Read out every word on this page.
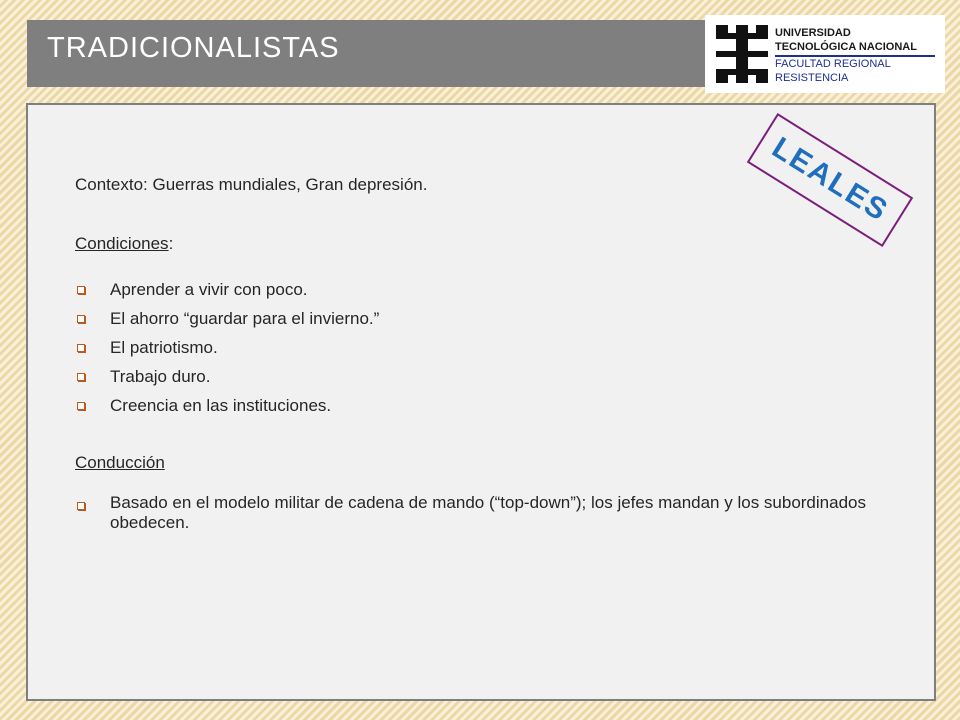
TRADICIONALISTAS	UNIVERSIDAD
TECNOLÓGICA NACIONAL
FACULTAD REGIONAL
RESISTENCIA
LEALES
Contexto: Guerras mundiales, Gran depresión.
Condiciones:
Aprender a vivir con poco.
El ahorro “guardar para el invierno.”
El patriotismo.
Trabajo duro.
Creencia en las instituciones.
Conducción
Basado en el modelo militar de cadena de mando (“top-down”); los jefes mandan y los subordinados obedecen.
